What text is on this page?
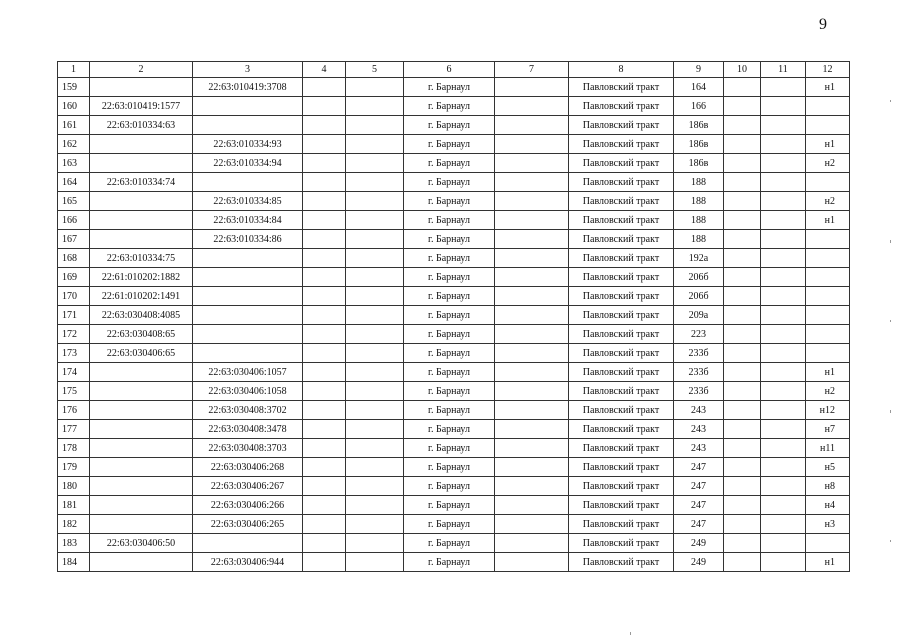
9
1	2	3	4	5	6	7	8	9	10	11	12
159		22:63:010419:3708			г. Барнаул		Павловский тракт	164			н1
160	22:63:010419:1577				г. Барнаул		Павловский тракт	166			
161	22:63:010334:63				г. Барнаул		Павловский тракт	186в			
162		22:63:010334:93			г. Барнаул		Павловский тракт	186в			н1
163		22:63:010334:94			г. Барнаул		Павловский тракт	186в			н2
164	22:63:010334:74				г. Барнаул		Павловский тракт	188			
165		22:63:010334:85			г. Барнаул		Павловский тракт	188			н2
166		22:63:010334:84			г. Барнаул		Павловский тракт	188			н1
167		22:63:010334:86			г. Барнаул		Павловский тракт	188			
168	22:63:010334:75				г. Барнаул		Павловский тракт	192а			
169	22:61:010202:1882				г. Барнаул		Павловский тракт	206б			
170	22:61:010202:1491				г. Барнаул		Павловский тракт	206б			
171	22:63:030408:4085				г. Барнаул		Павловский тракт	209а			
172	22:63:030408:65				г. Барнаул		Павловский тракт	223			
173	22:63:030406:65				г. Барнаул		Павловский тракт	233б			
174		22:63:030406:1057			г. Барнаул		Павловский тракт	233б			н1
175		22:63:030406:1058			г. Барнаул		Павловский тракт	233б			н2
176		22:63:030408:3702			г. Барнаул		Павловский тракт	243			н12
177		22:63:030408:3478			г. Барнаул		Павловский тракт	243			н7
178		22:63:030408:3703			г. Барнаул		Павловский тракт	243			н11
179		22:63:030406:268			г. Барнаул		Павловский тракт	247			н5
180		22:63:030406:267			г. Барнаул		Павловский тракт	247			н8
181		22:63:030406:266			г. Барнаул		Павловский тракт	247			н4
182		22:63:030406:265			г. Барнаул		Павловский тракт	247			н3
183	22:63:030406:50				г. Барнаул		Павловский тракт	249			
184		22:63:030406:944			г. Барнаул		Павловский тракт	249			н1
